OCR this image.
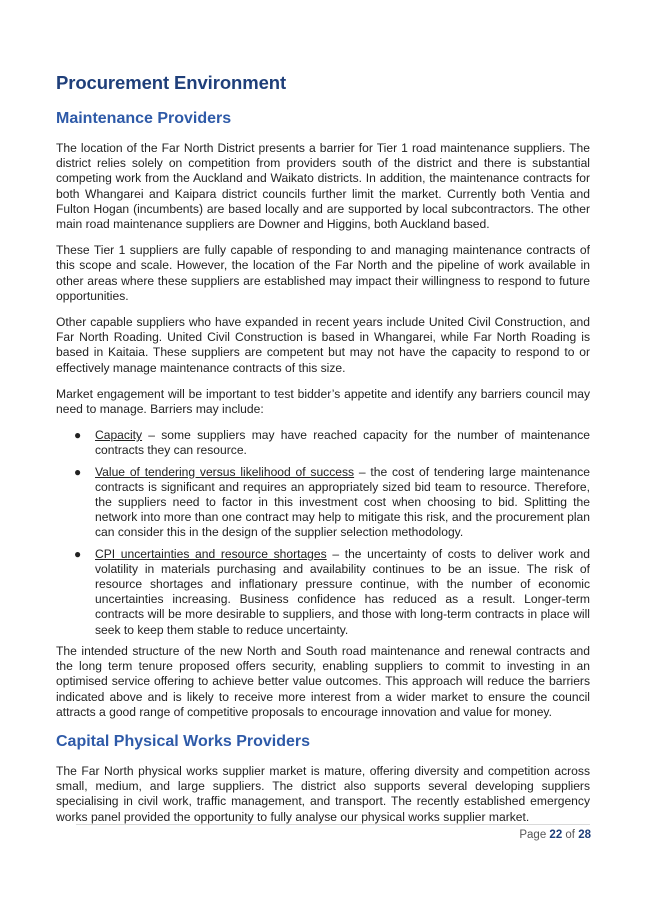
Procurement Environment
Maintenance Providers

The location of the Far North District presents a barrier for Tier 1 road maintenance suppliers. The district relies solely on competition from providers south of the district and there is substantial competing work from the Auckland and Waikato districts. In addition, the maintenance contracts for both Whangarei and Kaipara district councils further limit the market. Currently both Ventia and Fulton Hogan (incumbents) are based locally and are supported by local subcontractors. The other main road maintenance suppliers are Downer and Higgins, both Auckland based.

These Tier 1 suppliers are fully capable of responding to and managing maintenance contracts of this scope and scale. However, the location of the Far North and the pipeline of work available in other areas where these suppliers are established may impact their willingness to respond to future opportunities.

Other capable suppliers who have expanded in recent years include United Civil Construction, and Far North Roading. United Civil Construction is based in Whangarei, while Far North Roading is based in Kaitaia. These suppliers are competent but may not have the capacity to respond to or effectively manage maintenance contracts of this size.

Market engagement will be important to test bidder’s appetite and identify any barriers council may need to manage. Barriers may include:

● Capacity – some suppliers may have reached capacity for the number of maintenance contracts they can resource.
● Value of tendering versus likelihood of success – the cost of tendering large maintenance contracts is significant and requires an appropriately sized bid team to resource. Therefore, the suppliers need to factor in this investment cost when choosing to bid. Splitting the network into more than one contract may help to mitigate this risk, and the procurement plan can consider this in the design of the supplier selection methodology.
● CPI uncertainties and resource shortages – the uncertainty of costs to deliver work and volatility in materials purchasing and availability continues to be an issue. The risk of resource shortages and inflationary pressure continue, with the number of economic uncertainties increasing. Business confidence has reduced as a result. Longer-term contracts will be more desirable to suppliers, and those with long-term contracts in place will seek to keep them stable to reduce uncertainty.

The intended structure of the new North and South road maintenance and renewal contracts and the long term tenure proposed offers security, enabling suppliers to commit to investing in an optimised service offering to achieve better value outcomes. This approach will reduce the barriers indicated above and is likely to receive more interest from a wider market to ensure the council attracts a good range of competitive proposals to encourage innovation and value for money.

Capital Physical Works Providers

The Far North physical works supplier market is mature, offering diversity and competition across small, medium, and large suppliers. The district also supports several developing suppliers specialising in civil work, traffic management, and transport. The recently established emergency works panel provided the opportunity to fully analyse our physical works supplier market.

Page 22 of 28
